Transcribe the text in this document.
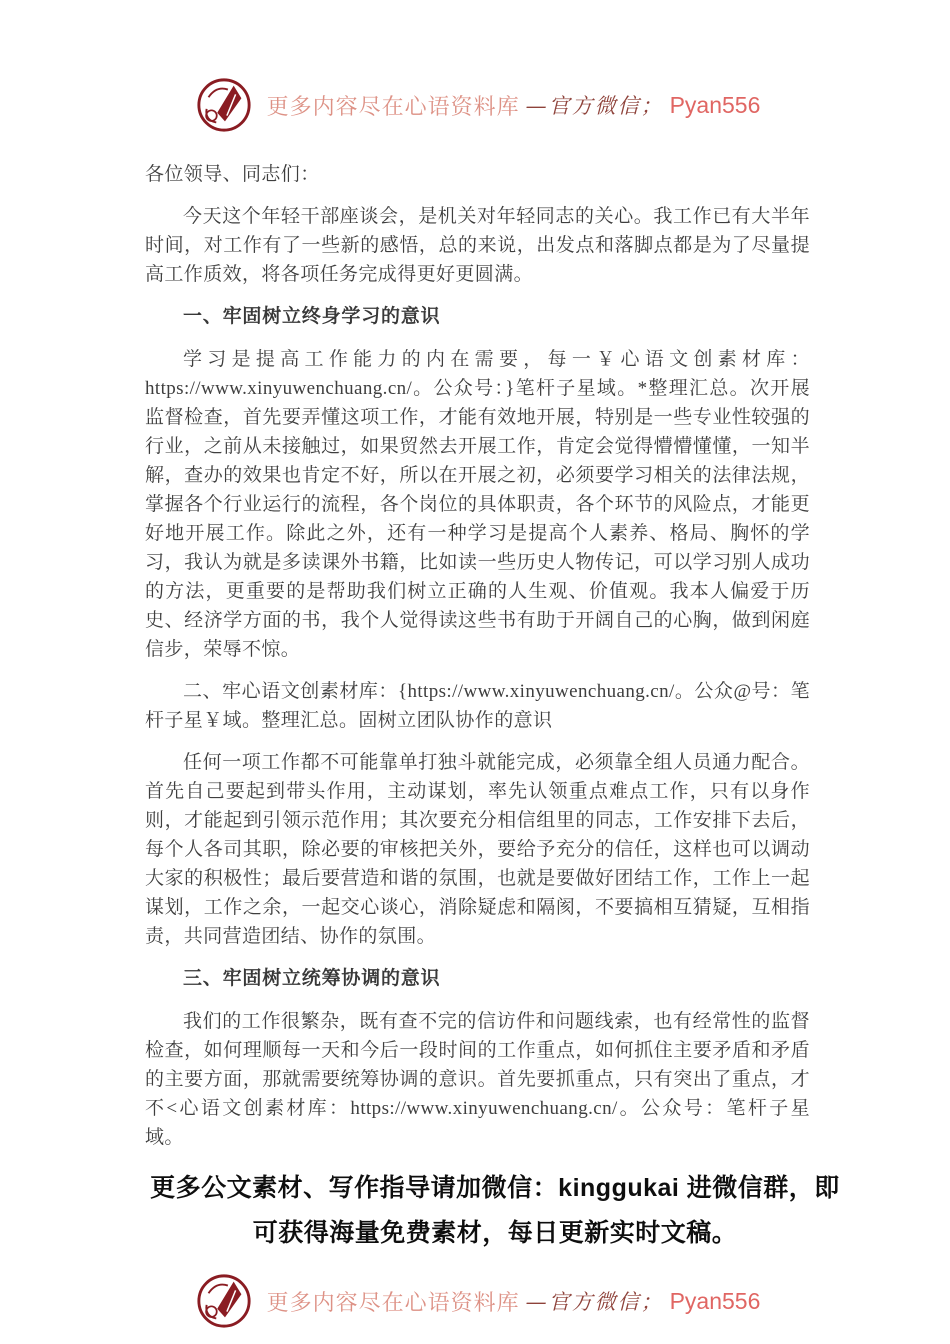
更多内容尽在心语资料库 —官方微信； Pyan556

各位领导、同志们：

今天这个年轻干部座谈会，是机关对年轻同志的关心。我工作已有大半年时间，对工作有了一些新的感悟，总的来说，出发点和落脚点都是为了尽量提高工作质效，将各项任务完成得更好更圆满。

一、牢固树立终身学习的意识

学习是提高工作能力的内在需要，每一￥心语文创素材库：https://www.xinyuwenchuang.cn/。公众号：}笔杆子星域。*整理汇总。次开展监督检查，首先要弄懂这项工作，才能有效地开展，特别是一些专业性较强的行业，之前从未接触过，如果贸然去开展工作，肯定会觉得懵懵懂懂，一知半解，查办的效果也肯定不好，所以在开展之初，必须要学习相关的法律法规，掌握各个行业运行的流程，各个岗位的具体职责，各个环节的风险点，才能更好地开展工作。除此之外，还有一种学习是提高个人素养、格局、胸怀的学习，我认为就是多读课外书籍，比如读一些历史人物传记，可以学习别人成功的方法，更重要的是帮助我们树立正确的人生观、价值观。我本人偏爱于历史、经济学方面的书，我个人觉得读这些书有助于开阔自己的心胸，做到闲庭信步，荣辱不惊。

二、牢心语文创素材库：{https://www.xinyuwenchuang.cn/。公众@号：笔杆子星￥域。整理汇总。固树立团队协作的意识

任何一项工作都不可能靠单打独斗就能完成，必须靠全组人员通力配合。首先自己要起到带头作用，主动谋划，率先认领重点难点工作，只有以身作则，才能起到引领示范作用；其次要充分相信组里的同志，工作安排下去后，每个人各司其职，除必要的审核把关外，要给予充分的信任，这样也可以调动大家的积极性；最后要营造和谐的氛围，也就是要做好团结工作，工作上一起谋划，工作之余，一起交心谈心，消除疑虑和隔阂，不要搞相互猜疑，互相指责，共同营造团结、协作的氛围。

三、牢固树立统筹协调的意识

我们的工作很繁杂，既有查不完的信访件和问题线索，也有经常性的监督检查，如何理顺每一天和今后一段时间的工作重点，如何抓住主要矛盾和矛盾的主要方面，那就需要统筹协调的意识。首先要抓重点，只有突出了重点，才不<心语文创素材库：https://www.xinyuwenchuang.cn/。公众号：笔杆子星域。

更多公文素材、写作指导请加微信：kinggukai 进微信群，即可获得海量免费素材，每日更新实时文稿。
更多内容尽在心语资料库 —官方微信； Pyan556
